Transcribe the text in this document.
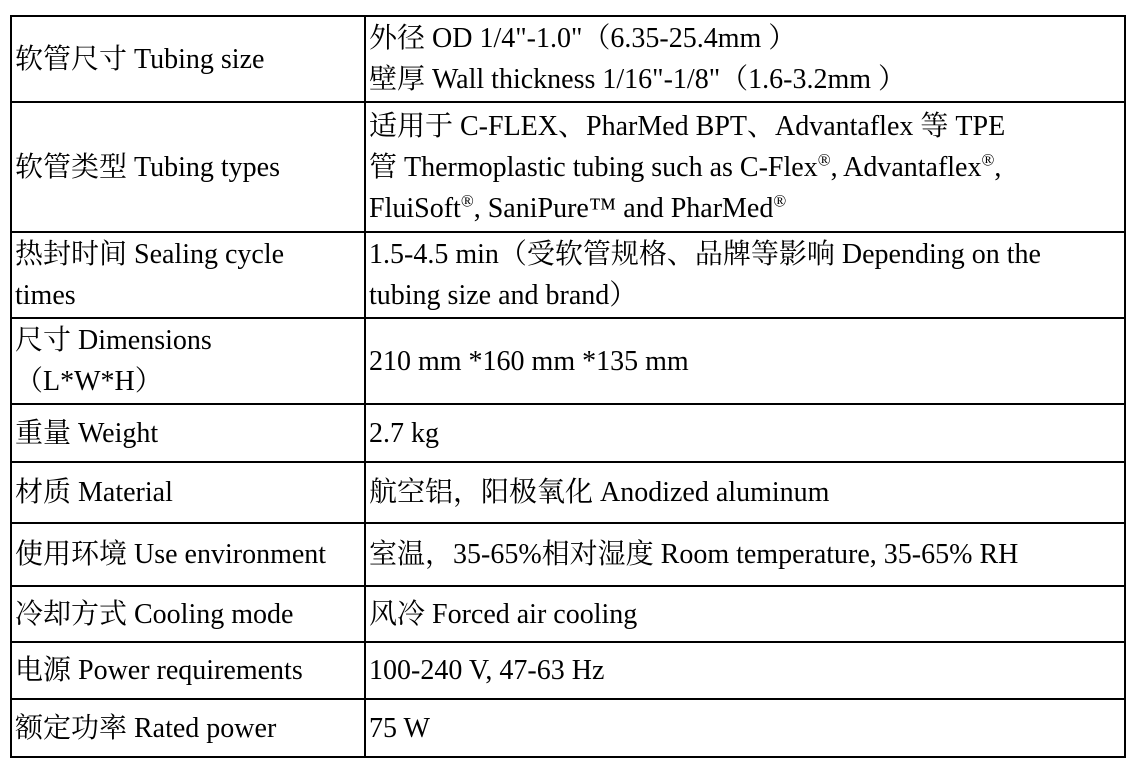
软管尺寸 Tubing size	外径 OD 1/4"-1.0"（6.35-25.4mm ）
壁厚 Wall thickness 1/16"-1/8"（1.6-3.2mm ）

软管类型 Tubing types	适用于 C-FLEX、PharMed BPT、Advantaflex 等 TPE
管 Thermoplastic tubing such as C-Flex®, Advantaflex®,
FluiSoft®, SaniPure™ and PharMed®

热封时间 Sealing cycle
times	1.5-4.5 min（受软管规格、品牌等影响 Depending on the
tubing size and brand）

尺寸 Dimensions
（L*W*H）	210 mm *160 mm *135 mm

重量 Weight	2.7 kg

材质 Material	航空铝，阳极氧化 Anodized aluminum

使用环境 Use environment	室温，35-65%相对湿度 Room temperature, 35-65% RH

冷却方式 Cooling mode	风冷 Forced air cooling

电源 Power requirements	100-240 V, 47-63 Hz

额定功率 Rated power	75 W
